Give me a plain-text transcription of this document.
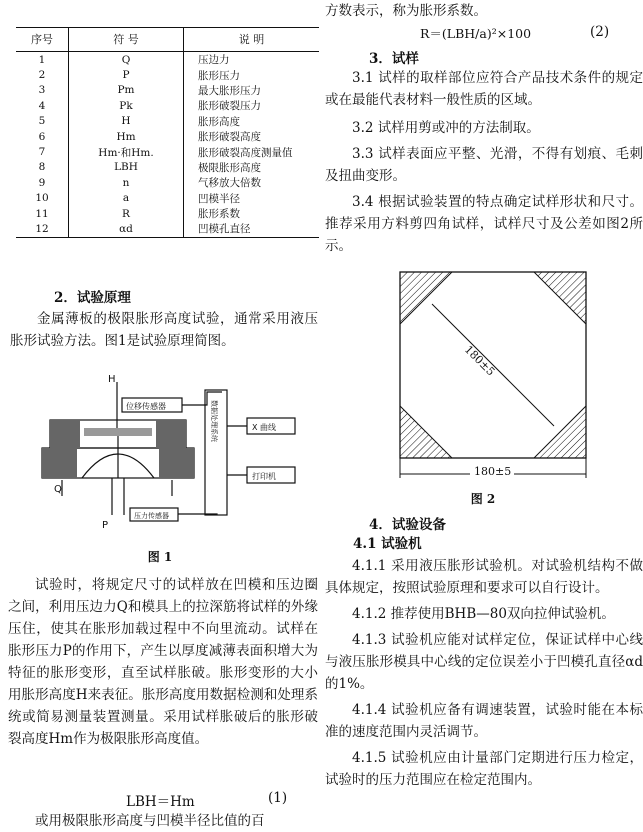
序号	符 号	说 明
1	Q	压边力
2	P	胀形压力
3	Pm	最大胀形压力
4	Pk	胀形破裂压力
5	H	胀形高度
6	Hm	胀形破裂高度
7	Hm·和Hm.	胀形破裂高度测量值
8	LBH	极限胀形高度
9	n	气移放大倍数
10	a	凹模半径
11	R	胀形系数
12	αd	凹模孔直径
2．试验原理

金属薄板的极限胀形高度试验，通常采用液压胀形试验方法。图1是试验原理简图。

位移传感器
X 曲线
打印机
压力传感器
H
Q
P
数据处理系统
图 1

试验时，将规定尺寸的试样放在凹模和压边圈之间，利用压边力Q和模具上的拉深筋将试样的外缘压住，使其在胀形加载过程中不向里流动。试样在胀形压力P的作用下，产生以厚度减薄表面积增大为特征的胀形变形，直至试样胀破。胀形变形的大小用胀形高度H来表征。胀形高度用数据检测和处理系统或简易测量装置测量。采用试样胀破后的胀形破裂高度Hm作为极限胀形高度值。

LBH＝Hm	(1)

或用极限胀形高度与凹模半径比值的百

方数表示，称为胀形系数。

R＝(LBH/a)²×100	(2)
3．试样

3.1 试样的取样部位应符合产品技术条件的规定或在最能代表材料一般性质的区域。

3.2 试样用剪或冲的方法制取。

3.3 试样表面应平整、光滑，不得有划痕、毛刺及扭曲变形。

3.4 根据试验装置的特点确定试样形状和尺寸。推荐采用方料剪四角试样，试样尺寸及公差如图2所示。

180±5
180±5
图 2
4．试验设备
4.1 试验机

4.1.1 采用液压胀形试验机。对试验机结构不做具体规定，按照试验原理和要求可以自行设计。

4.1.2 推荐使用BHB—80双向拉伸试验机。

4.1.3 试验机应能对试样定位，保证试样中心线与液压胀形模具中心线的定位误差小于凹模孔直径αd的1%。

4.1.4 试验机应备有调速装置，试验时能在本标准的速度范围内灵活调节。

4.1.5 试验机应由计量部门定期进行压力检定，试验时的压力范围应在检定范围内。
